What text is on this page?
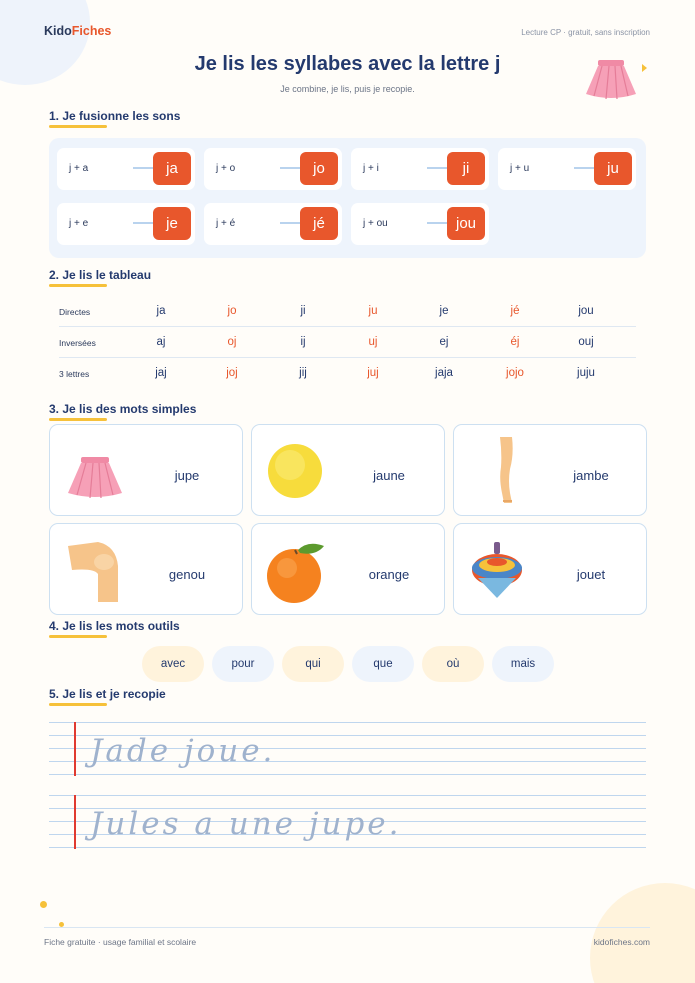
KidoFiches	Lecture CP · gratuit, sans inscription
Je lis les syllabes avec la lettre j
Je combine, je lis, puis je recopie.
1. Je fusionne les sons
j + a	ja	j + o	jo	j + i	ji	j + u	ju
j + e	je	j + é	jé	j + ou	jou
2. Je lis le tableau
Directes	ja	jo	ji	ju	je	jé	jou
Inversées	aj	oj	ij	uj	ej	éj	ouj
3 lettres	jaj	joj	jij	juj	jaja	jojo	juju
3. Je lis des mots simples
jupe	jaune	jambe
genou	orange	jouet
4. Je lis les mots outils
avec	pour	qui	que	où	mais
5. Je lis et je recopie
Jade joue.
Jules a une jupe.
Fiche gratuite · usage familial et scolaire	kidofiches.com
